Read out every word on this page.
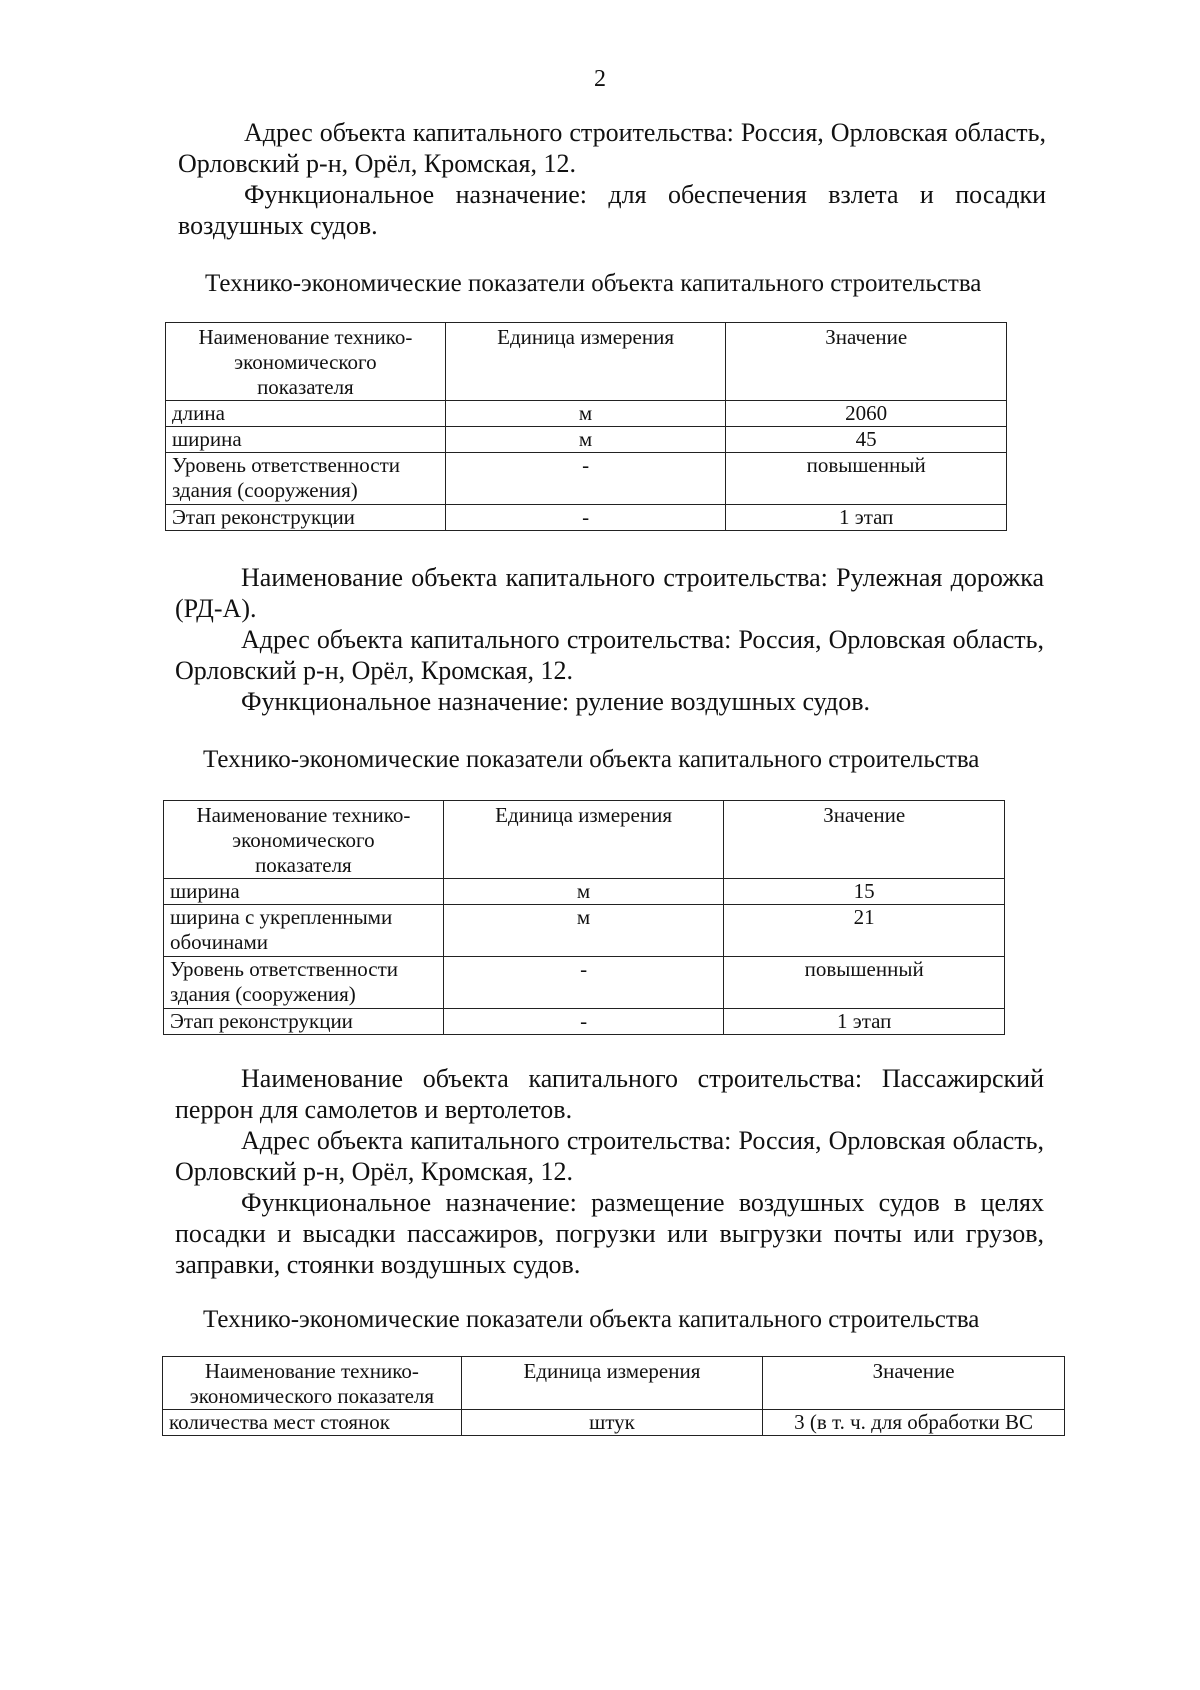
2

Адрес объекта капитального строительства: Россия, Орловская область, Орловский р-н, Орёл, Кромская, 12.

Функциональное назначение: для обеспечения взлета и посадки воздушных судов.

Технико-экономические показатели объекта капитального строительства
Наименование технико-экономического показателя	Единица измерения	Значение
длина	м	2060
ширина	м	45
Уровень ответственности здания (сооружения)	-	повышенный
Этап реконструкции	-	1 этап

Наименование объекта капитального строительства: Рулежная дорожка (РД-А).

Адрес объекта капитального строительства: Россия, Орловская область, Орловский р-н, Орёл, Кромская, 12.

Функциональное назначение: руление воздушных судов.

Технико-экономические показатели объекта капитального строительства
Наименование технико-экономического показателя	Единица измерения	Значение
ширина	м	15
ширина с укрепленными обочинами	м	21
Уровень ответственности здания (сооружения)	-	повышенный
Этап реконструкции	-	1 этап

Наименование объекта капитального строительства: Пассажирский перрон для самолетов и вертолетов.

Адрес объекта капитального строительства: Россия, Орловская область, Орловский р-н, Орёл, Кромская, 12.

Функциональное назначение: размещение воздушных судов в целях посадки и высадки пассажиров, погрузки или выгрузки почты или грузов, заправки, стоянки воздушных судов.

Технико-экономические показатели объекта капитального строительства
Наименование технико-экономического показателя	Единица измерения	Значение
количества мест стоянок	штук	3 (в т. ч. для обработки ВС
